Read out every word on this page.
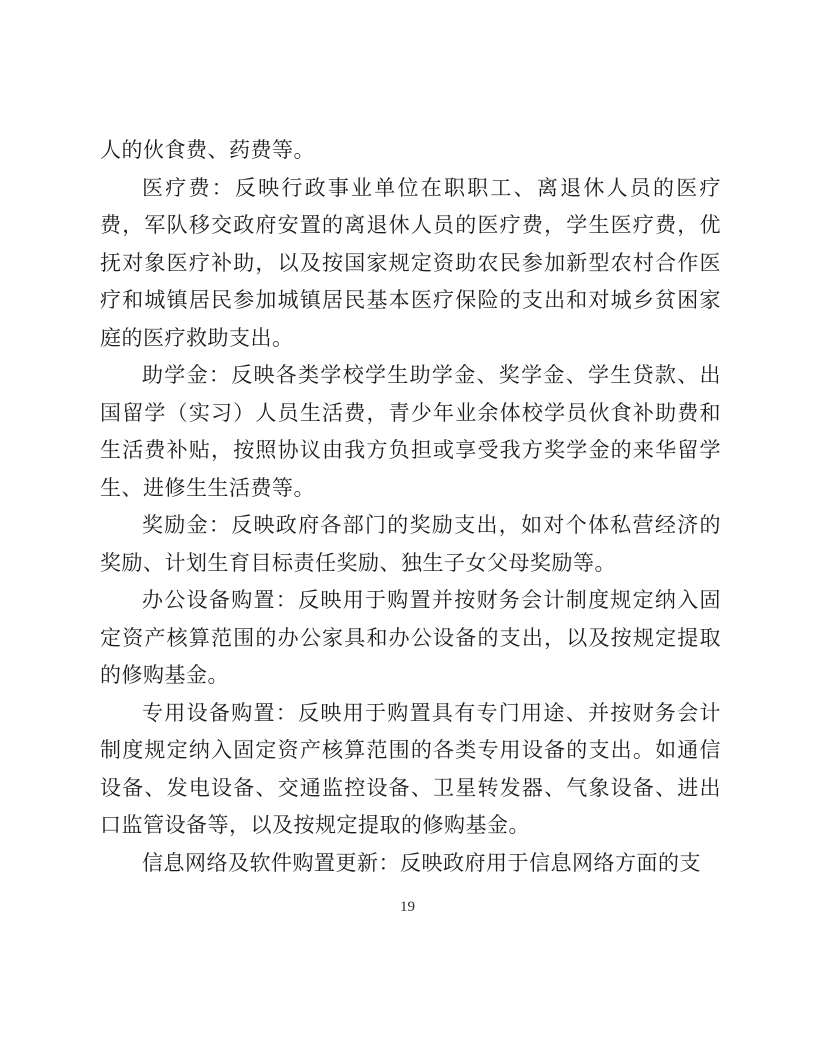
人的伙食费、药费等。

医疗费：反映行政事业单位在职职工、离退休人员的医疗费，军队移交政府安置的离退休人员的医疗费，学生医疗费，优抚对象医疗补助，以及按国家规定资助农民参加新型农村合作医疗和城镇居民参加城镇居民基本医疗保险的支出和对城乡贫困家庭的医疗救助支出。

助学金：反映各类学校学生助学金、奖学金、学生贷款、出国留学（实习）人员生活费，青少年业余体校学员伙食补助费和生活费补贴，按照协议由我方负担或享受我方奖学金的来华留学生、进修生生活费等。

奖励金：反映政府各部门的奖励支出，如对个体私营经济的奖励、计划生育目标责任奖励、独生子女父母奖励等。

办公设备购置：反映用于购置并按财务会计制度规定纳入固定资产核算范围的办公家具和办公设备的支出，以及按规定提取的修购基金。

专用设备购置：反映用于购置具有专门用途、并按财务会计制度规定纳入固定资产核算范围的各类专用设备的支出。如通信设备、发电设备、交通监控设备、卫星转发器、气象设备、进出口监管设备等，以及按规定提取的修购基金。

信息网络及软件购置更新：反映政府用于信息网络方面的支

19
